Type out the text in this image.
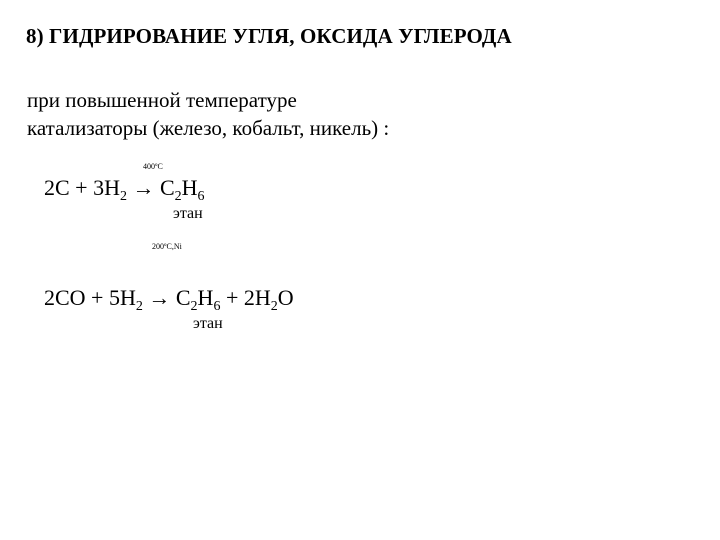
8) ГИДРИРОВАНИЕ УГЛЯ, ОКСИДА УГЛЕРОДА
при повышенной температуре
катализаторы (железо, кобальт, никель) :
400ºC
$2C + 3H_2 \to C_2H_6$
этан
200ºC,Ni
$2CO + 5H_2 \to C_2H_6 + 2H_2O$
этан
